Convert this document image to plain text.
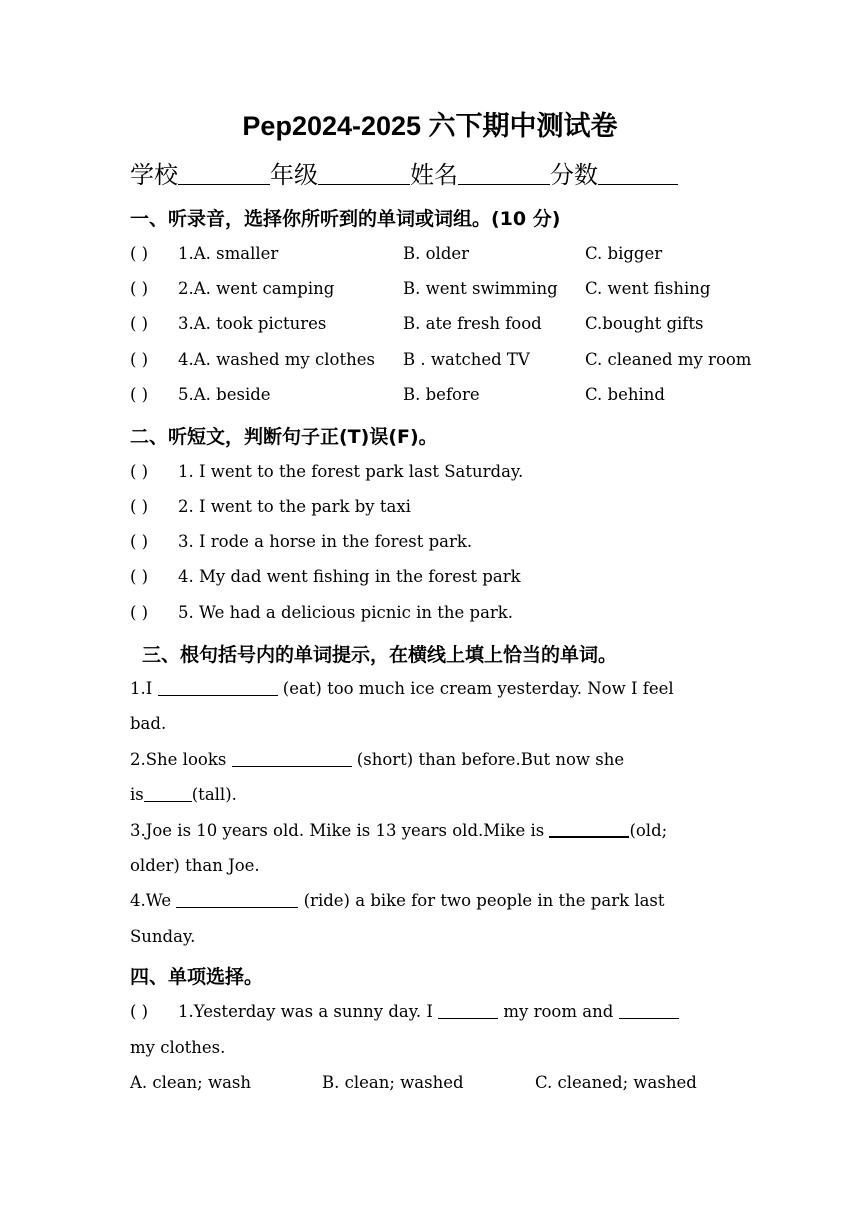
Pep2024-2025 六下期中测试卷
学校	年级	姓名	分数
一、听录音，选择你所听到的单词或词组。(10 分)
( ) 1.A. smaller	B. older	C. bigger
( ) 2.A. went camping	B. went swimming C. went fishing
( ) 3.A. took pictures	B. ate fresh food	C.bought gifts
( ) 4.A. washed my clothes B . watched TV	C. cleaned my room
( ) 5.A. beside	B. before	C. behind
二、听短文，判断句子正(T)误(F)。
( ) 1. I went to the forest park last Saturday.
( ) 2. I went to the park by taxi
( ) 3. I rode a horse in the forest park.
( ) 4. My dad went fishing in the forest park
( ) 5. We had a delicious picnic in the park.
三、根句括号内的单词提示，在横线上填上恰当的单词。
1.I	(eat) too much ice cream yesterday. Now I feel
bad.
2.She looks	(short) than before.But now she
is	(tall).
3.Joe is 10 years old. Mike is 13 years old.Mike is	(old;
older) than Joe.
4.We	(ride) a bike for two people in the park last
Sunday.
四、单项选择。
( ) 1.Yesterday was a sunny day. I	my room and
my clothes.
A. clean; wash	B. clean; washed	C. cleaned; washed
